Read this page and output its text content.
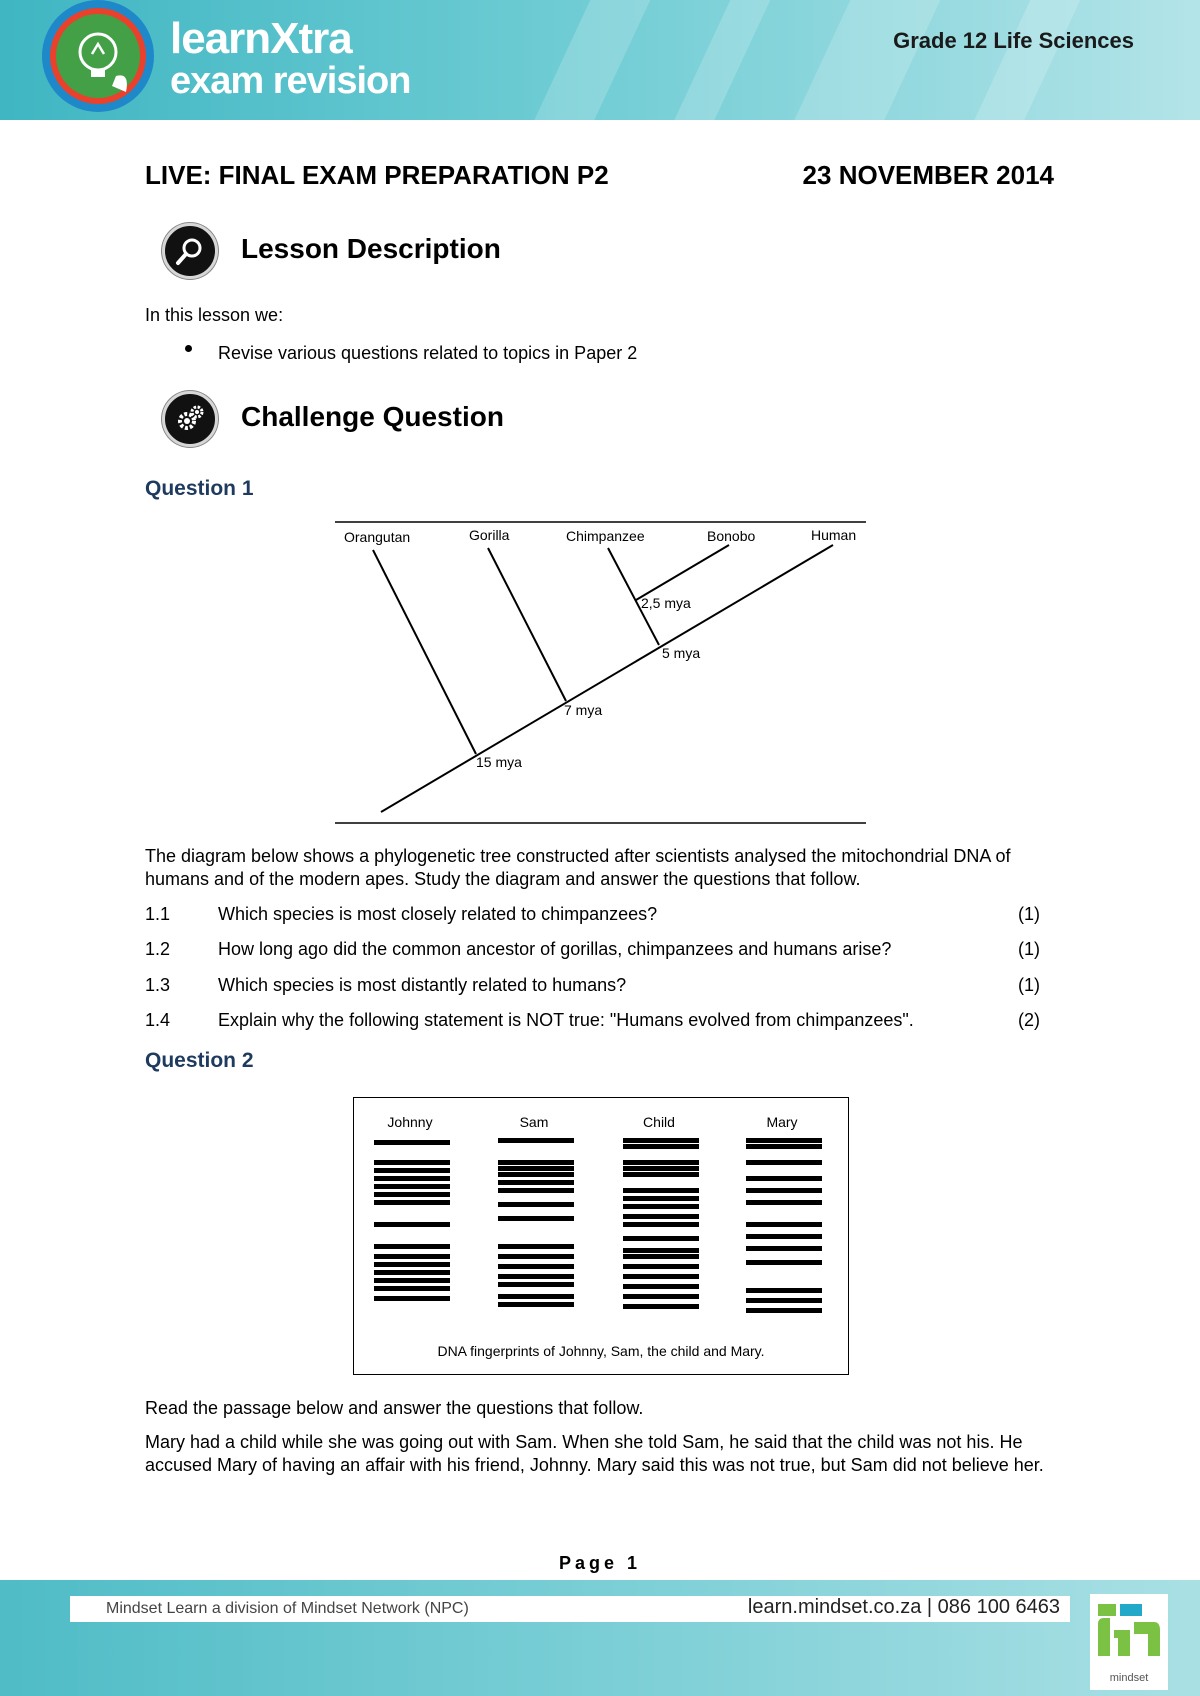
learnXtra
exam revision
Grade 12 Life Sciences
LIVE: FINAL EXAM PREPARATION P2	23 NOVEMBER 2014
Lesson Description
In this lesson we:
Revise various questions related to topics in Paper 2
Challenge Question
Question 1
Orangutan	Gorilla	Chimpanzee	Bonobo	Human
15 mya
7 mya
5 mya
2,5 mya
The diagram below shows a phylogenetic tree constructed after scientists analysed the mitochondrial DNA of humans and of the modern apes. Study the diagram and answer the questions that follow.
1.1	Which species is most closely related to chimpanzees?	(1)
1.2	How long ago did the common ancestor of gorillas, chimpanzees and humans arise?	(1)
1.3	Which species is most distantly related to humans?	(1)
1.4	Explain why the following statement is NOT true: "Humans evolved from chimpanzees".	(2)
Question 2
Johnny	Sam	Child	Mary
DNA fingerprints of Johnny, Sam, the child and Mary.
Read the passage below and answer the questions that follow.
Mary had a child while she was going out with Sam. When she told Sam, he said that the child was not his. He accused Mary of having an affair with his friend, Johnny. Mary said this was not true, but Sam did not believe her.
Page 1
Mindset Learn a division of Mindset Network (NPC)	learn.mindset.co.za | 086 100 6463
mindset
